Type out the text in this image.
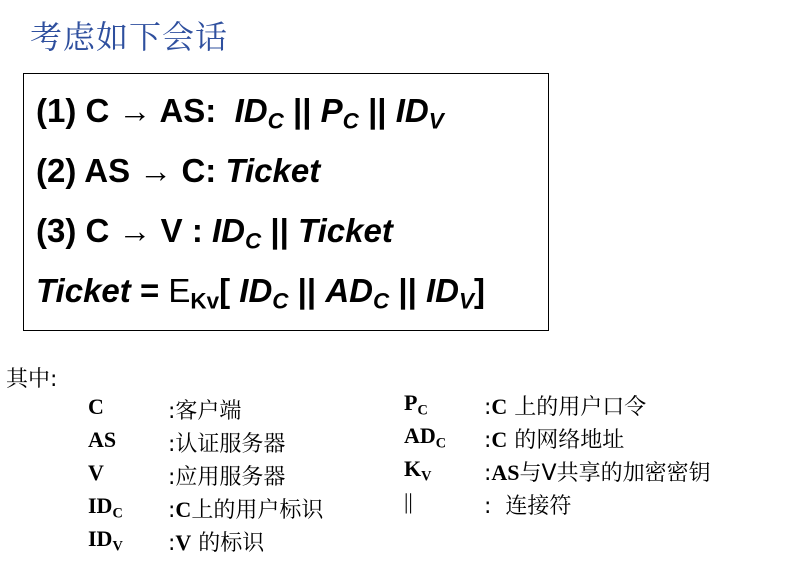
考虑如下会话
(1) C → AS: $ID_C$ || $P_C$ || $ID_V$
(2) AS → C: Ticket
(3) C → V : $ID_C$ || Ticket
Ticket = $E_{Kv}$[ $ID_C$ || $AD_C$ || $ID_V$]
其中:
C	:客户端
AS :认证服务器
V	:应用服务器
$ID_C$ :C上的用户标识
$ID_V$ :V 的标识
$P_C$	:C 上的用户口令
$AD_C$ :C 的网络地址
$K_V$ :AS与V共享的加密密钥
||	: 连接符
